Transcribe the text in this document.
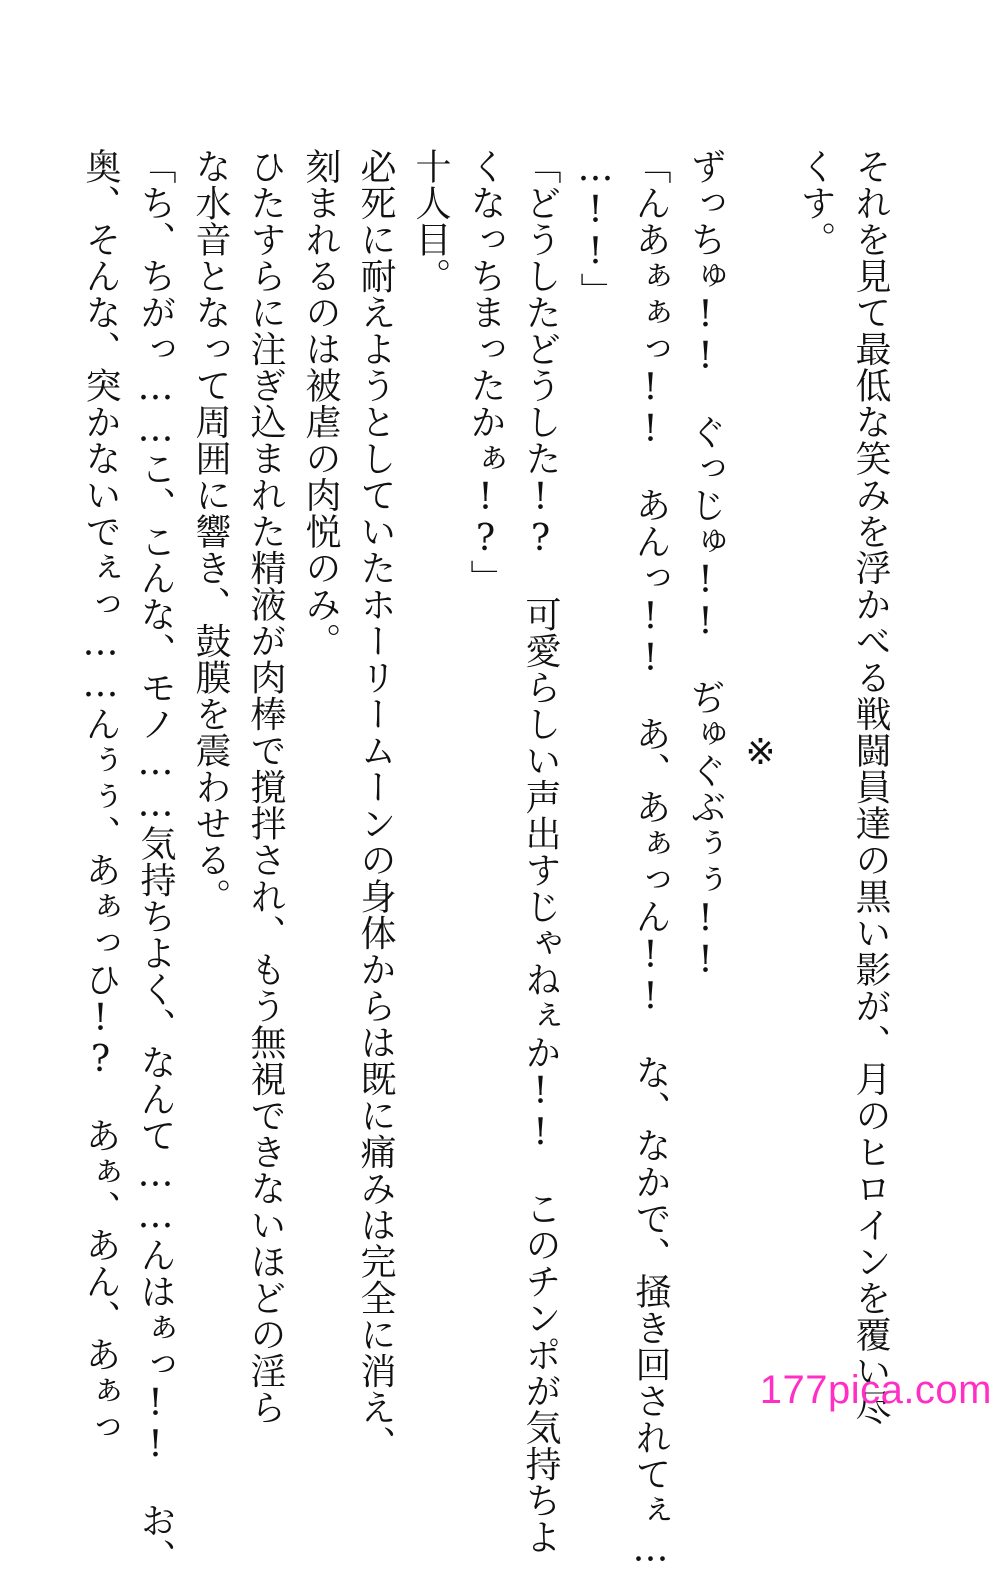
それを見て最低な笑みを浮かべる戦闘員達の黒い影が、月のヒロインを覆い尽
くす。
※
ずっちゅ!!　ぐっじゅ!!　ぢゅぐぶぅぅ!!
「んあぁぁっ!!　あんっ!!　あ、あぁっん!!　な、なかで、掻き回されてぇ…
…!!」
「どうしたどうした!?　可愛らしい声出すじゃねぇか!!　このチンポが気持ちよ
くなっちまったかぁ!?」
十人目。
必死に耐えようとしていたホーリームーンの身体からは既に痛みは完全に消え、
刻まれるのは被虐の肉悦のみ。
ひたすらに注ぎ込まれた精液が肉棒で撹拌され、もう無視できないほどの淫ら
な水音となって周囲に響き、鼓膜を震わせる。
「ち、ちがっ……こ、こんな、モノ……気持ちよく、なんて……んはぁっ!!　お、
奥、そんな、突かないでぇっ……んぅぅ、あぁっひ!?　あぁ、あん、あぁっ	177pica.com
